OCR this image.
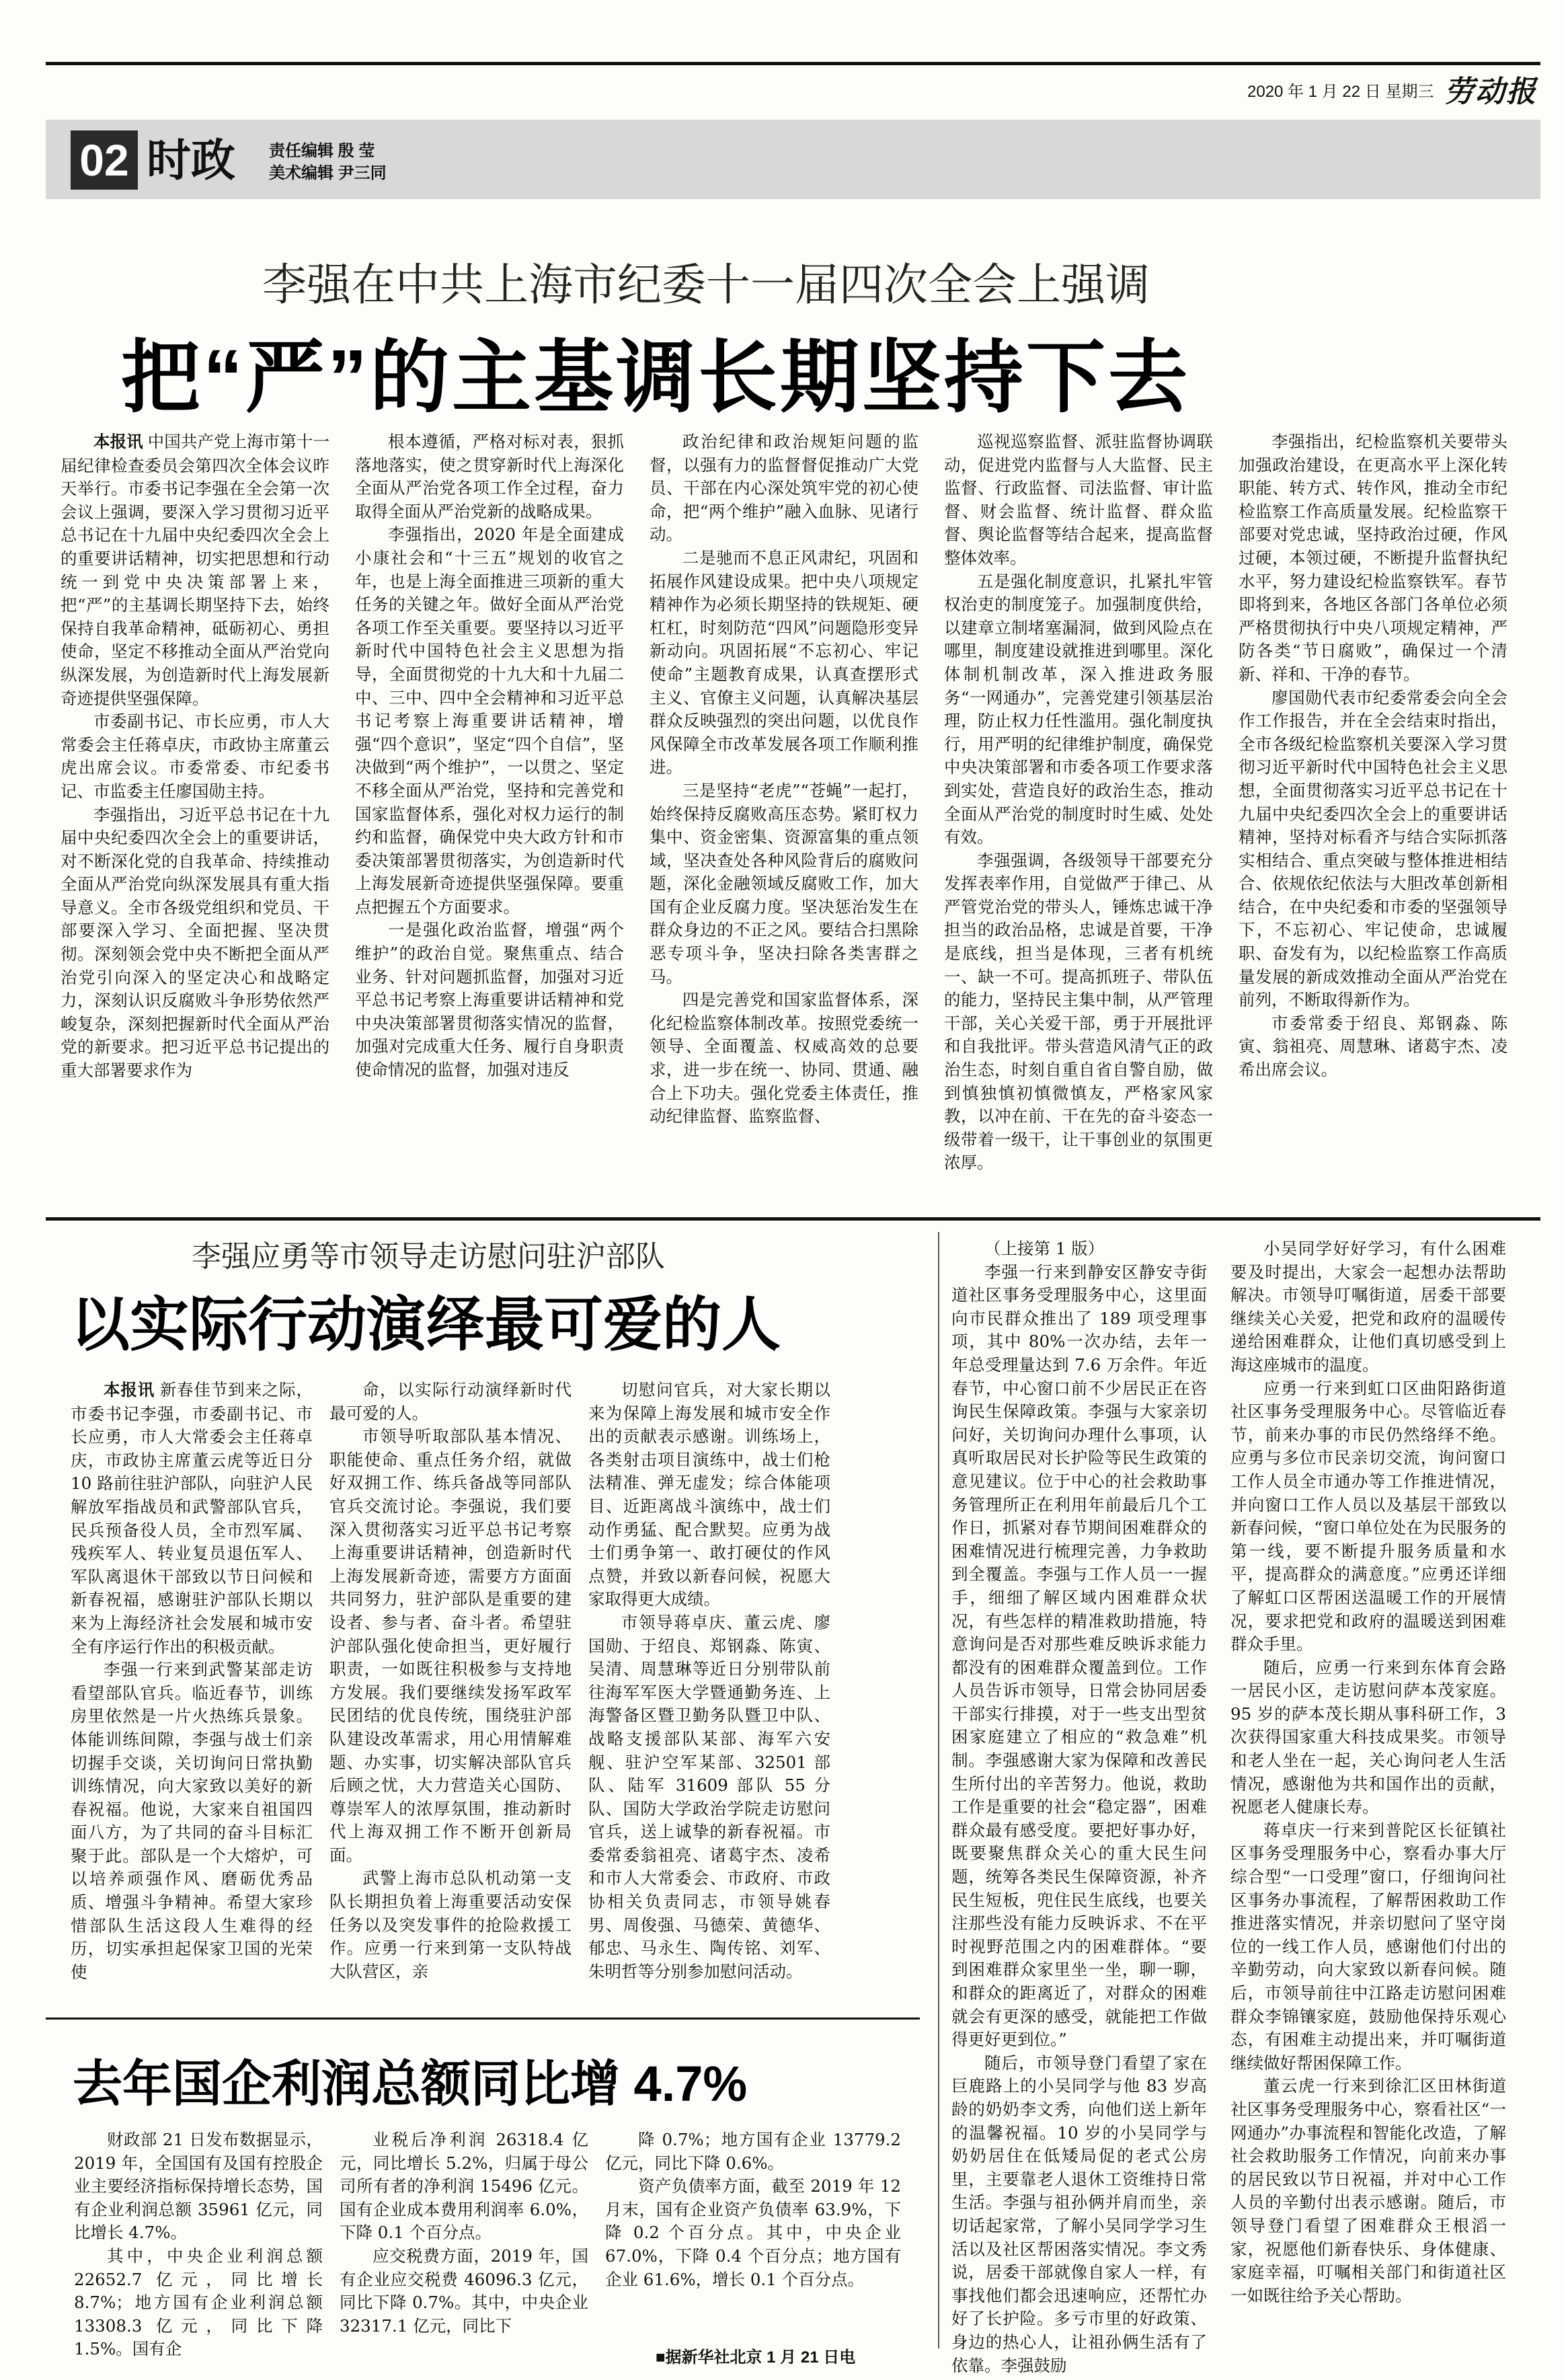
2020 年 1 月 22 日 星期三 劳动报
02 时政 责任编辑 殷 莹
美术编辑 尹三同
李强在中共上海市纪委十一届四次全会上强调
把“严”的主基调长期坚持下去

本报讯 中国共产党上海市第十一届纪律检查委员会第四次全体会议昨天举行。市委书记李强在全会第一次会议上强调，要深入学习贯彻习近平总书记在十九届中央纪委四次全会上的重要讲话精神，切实把思想和行动统一到党中央决策部署上来，把“严”的主基调长期坚持下去，始终保持自我革命精神，砥砺初心、勇担使命，坚定不移推动全面从严治党向纵深发展，为创造新时代上海发展新奇迹提供坚强保障。

市委副书记、市长应勇，市人大常委会主任蒋卓庆，市政协主席董云虎出席会议。市委常委、市纪委书记、市监委主任廖国勋主持。

李强指出，习近平总书记在十九届中央纪委四次全会上的重要讲话，对不断深化党的自我革命、持续推动全面从严治党向纵深发展具有重大指导意义。全市各级党组织和党员、干部要深入学习、全面把握、坚决贯彻。深刻领会党中央不断把全面从严治党引向深入的坚定决心和战略定力，深刻认识反腐败斗争形势依然严峻复杂，深刻把握新时代全面从严治党的新要求。把习近平总书记提出的重大部署要求作为

根本遵循，严格对标对表，狠抓落地落实，使之贯穿新时代上海深化全面从严治党各项工作全过程，奋力取得全面从严治党新的战略成果。

李强指出，2020 年是全面建成小康社会和“十三五”规划的收官之年，也是上海全面推进三项新的重大任务的关键之年。做好全面从严治党各项工作至关重要。要坚持以习近平新时代中国特色社会主义思想为指导，全面贯彻党的十九大和十九届二中、三中、四中全会精神和习近平总书记考察上海重要讲话精神，增强“四个意识”，坚定“四个自信”，坚决做到“两个维护”，一以贯之、坚定不移全面从严治党，坚持和完善党和国家监督体系，强化对权力运行的制约和监督，确保党中央大政方针和市委决策部署贯彻落实，为创造新时代上海发展新奇迹提供坚强保障。要重点把握五个方面要求。

一是强化政治监督，增强“两个维护”的政治自觉。聚焦重点、结合业务、针对问题抓监督，加强对习近平总书记考察上海重要讲话精神和党中央决策部署贯彻落实情况的监督，加强对完成重大任务、履行自身职责使命情况的监督，加强对违反

政治纪律和政治规矩问题的监督，以强有力的监督督促推动广大党员、干部在内心深处筑牢党的初心使命，把“两个维护”融入血脉、见诸行动。

二是驰而不息正风肃纪，巩固和拓展作风建设成果。把中央八项规定精神作为必须长期坚持的铁规矩、硬杠杠，时刻防范“四风”问题隐形变异新动向。巩固拓展“不忘初心、牢记使命”主题教育成果，认真查摆形式主义、官僚主义问题，认真解决基层群众反映强烈的突出问题，以优良作风保障全市改革发展各项工作顺利推进。

三是坚持“老虎”“苍蝇”一起打，始终保持反腐败高压态势。紧盯权力集中、资金密集、资源富集的重点领域，坚决查处各种风险背后的腐败问题，深化金融领域反腐败工作，加大国有企业反腐力度。坚决惩治发生在群众身边的不正之风。要结合扫黑除恶专项斗争，坚决扫除各类害群之马。

四是完善党和国家监督体系，深化纪检监察体制改革。按照党委统一领导、全面覆盖、权威高效的总要求，进一步在统一、协同、贯通、融合上下功夫。强化党委主体责任，推动纪律监督、监察监督、

巡视巡察监督、派驻监督协调联动，促进党内监督与人大监督、民主监督、行政监督、司法监督、审计监督、财会监督、统计监督、群众监督、舆论监督等结合起来，提高监督整体效率。

五是强化制度意识，扎紧扎牢管权治吏的制度笼子。加强制度供给，以建章立制堵塞漏洞，做到风险点在哪里，制度建设就推进到哪里。深化体制机制改革，深入推进政务服务“一网通办”，完善党建引领基层治理，防止权力任性滥用。强化制度执行，用严明的纪律维护制度，确保党中央决策部署和市委各项工作要求落到实处，营造良好的政治生态，推动全面从严治党的制度时时生威、处处有效。

李强强调，各级领导干部要充分发挥表率作用，自觉做严于律己、从严管党治党的带头人，锤炼忠诚干净担当的政治品格，忠诚是首要，干净是底线，担当是体现，三者有机统一、缺一不可。提高抓班子、带队伍的能力，坚持民主集中制，从严管理干部，关心关爱干部，勇于开展批评和自我批评。带头营造风清气正的政治生态，时刻自重自省自警自励，做到慎独慎初慎微慎友，严格家风家教，以冲在前、干在先的奋斗姿态一级带着一级干，让干事创业的氛围更浓厚。

李强指出，纪检监察机关要带头加强政治建设，在更高水平上深化转职能、转方式、转作风，推动全市纪检监察工作高质量发展。纪检监察干部要对党忠诚，坚持政治过硬，作风过硬，本领过硬，不断提升监督执纪水平，努力建设纪检监察铁军。春节即将到来，各地区各部门各单位必须严格贯彻执行中央八项规定精神，严防各类“节日腐败”，确保过一个清新、祥和、干净的春节。

廖国勋代表市纪委常委会向全会作工作报告，并在全会结束时指出，全市各级纪检监察机关要深入学习贯彻习近平新时代中国特色社会主义思想，全面贯彻落实习近平总书记在十九届中央纪委四次全会上的重要讲话精神，坚持对标看齐与结合实际抓落实相结合、重点突破与整体推进相结合、依规依纪依法与大胆改革创新相结合，在中央纪委和市委的坚强领导下，不忘初心、牢记使命，忠诚履职、奋发有为，以纪检监察工作高质量发展的新成效推动全面从严治党在前列，不断取得新作为。

市委常委于绍良、郑钢淼、陈寅、翁祖亮、周慧琳、诸葛宇杰、凌希出席会议。

李强应勇等市领导走访慰问驻沪部队
以实际行动演绎最可爱的人

本报讯 新春佳节到来之际，市委书记李强，市委副书记、市长应勇，市人大常委会主任蒋卓庆，市政协主席董云虎等近日分 10 路前往驻沪部队，向驻沪人民解放军指战员和武警部队官兵，民兵预备役人员，全市烈军属、残疾军人、转业复员退伍军人、军队离退休干部致以节日问候和新春祝福，感谢驻沪部队长期以来为上海经济社会发展和城市安全有序运行作出的积极贡献。

李强一行来到武警某部走访看望部队官兵。临近春节，训练房里依然是一片火热练兵景象。体能训练间隙，李强与战士们亲切握手交谈，关切询问日常执勤训练情况，向大家致以美好的新春祝福。他说，大家来自祖国四面八方，为了共同的奋斗目标汇聚于此。部队是一个大熔炉，可以培养顽强作风、磨砺优秀品质、增强斗争精神。希望大家珍惜部队生活这段人生难得的经历，切实承担起保家卫国的光荣使

命，以实际行动演绎新时代最可爱的人。

市领导听取部队基本情况、职能使命、重点任务介绍，就做好双拥工作、练兵备战等同部队官兵交流讨论。李强说，我们要深入贯彻落实习近平总书记考察上海重要讲话精神，创造新时代上海发展新奇迹，需要方方面面共同努力，驻沪部队是重要的建设者、参与者、奋斗者。希望驻沪部队强化使命担当，更好履行职责，一如既往积极参与支持地方发展。我们要继续发扬军政军民团结的优良传统，围绕驻沪部队建设改革需求，用心用情解难题、办实事，切实解决部队官兵后顾之忧，大力营造关心国防、尊崇军人的浓厚氛围，推动新时代上海双拥工作不断开创新局面。

武警上海市总队机动第一支队长期担负着上海重要活动安保任务以及突发事件的抢险救援工作。应勇一行来到第一支队特战大队营区，亲

切慰问官兵，对大家长期以来为保障上海发展和城市安全作出的贡献表示感谢。训练场上，各类射击项目演练中，战士们枪法精准、弹无虚发；综合体能项目、近距离战斗演练中，战士们动作勇猛、配合默契。应勇为战士们勇争第一、敢打硬仗的作风点赞，并致以新春问候，祝愿大家取得更大成绩。

市领导蒋卓庆、董云虎、廖国勋、于绍良、郑钢淼、陈寅、吴清、周慧琳等近日分别带队前往海军军医大学暨通勤务连、上海警备区暨卫勤务队暨卫中队、战略支援部队某部、海军六安舰、驻沪空军某部、32501 部队、陆军 31609 部队 55 分队、国防大学政治学院走访慰问官兵，送上诚挚的新春祝福。市委常委翁祖亮、诸葛宇杰、凌希和市人大常委会、市政府、市政协相关负责同志，市领导姚春男、周俊强、马德荣、黄德华、郁忠、马永生、陶传铭、刘军、朱明哲等分别参加慰问活动。

（上接第 1 版）

李强一行来到静安区静安寺街道社区事务受理服务中心，这里面向市民群众推出了 189 项受理事项，其中 80%一次办结，去年一年总受理量达到 7.6 万余件。年近春节，中心窗口前不少居民正在咨询民生保障政策。李强与大家亲切问好，关切询问办理什么事项，认真听取居民对长护险等民生政策的意见建议。位于中心的社会救助事务管理所正在利用年前最后几个工作日，抓紧对春节期间困难群众的困难情况进行梳理完善，力争救助到全覆盖。李强与工作人员一一握手，细细了解区域内困难群众状况，有些怎样的精准救助措施，特意询问是否对那些难反映诉求能力都没有的困难群众覆盖到位。工作人员告诉市领导，日常会协同居委干部实行排摸，对于一些支出型贫困家庭建立了相应的“救急难”机制。李强感谢大家为保障和改善民生所付出的辛苦努力。他说，救助工作是重要的社会“稳定器”，困难群众最有感受度。要把好事办好，既要聚焦群众关心的重大民生问题，统筹各类民生保障资源，补齐民生短板，兜住民生底线，也要关注那些没有能力反映诉求、不在平时视野范围之内的困难群体。“要到困难群众家里坐一坐，聊一聊，和群众的距离近了，对群众的困难就会有更深的感受，就能把工作做得更好更到位。”

随后，市领导登门看望了家在巨鹿路上的小吴同学与他 83 岁高龄的奶奶李文秀，向他们送上新年的温馨祝福。10 岁的小吴同学与奶奶居住在低矮局促的老式公房里，主要靠老人退休工资维持日常生活。李强与祖孙俩并肩而坐，亲切话起家常，了解小吴同学学习生活以及社区帮困落实情况。李文秀说，居委干部就像自家人一样，有事找他们都会迅速响应，还帮忙办好了长护险。多亏市里的好政策、身边的热心人，让祖孙俩生活有了依靠。李强鼓励

小吴同学好好学习，有什么困难要及时提出，大家会一起想办法帮助解决。市领导叮嘱街道，居委干部要继续关心关爱，把党和政府的温暖传递给困难群众，让他们真切感受到上海这座城市的温度。

应勇一行来到虹口区曲阳路街道社区事务受理服务中心。尽管临近春节，前来办事的市民仍然络绎不绝。应勇与多位市民亲切交流，询问窗口工作人员全市通办等工作推进情况，并向窗口工作人员以及基层干部致以新春问候，“窗口单位处在为民服务的第一线，要不断提升服务质量和水平，提高群众的满意度。”应勇还详细了解虹口区帮困送温暖工作的开展情况，要求把党和政府的温暖送到困难群众手里。

随后，应勇一行来到东体育会路一居民小区，走访慰问萨本茂家庭。95 岁的萨本茂长期从事科研工作，3 次获得国家重大科技成果奖。市领导和老人坐在一起，关心询问老人生活情况，感谢他为共和国作出的贡献，祝愿老人健康长寿。

蒋卓庆一行来到普陀区长征镇社区事务受理服务中心，察看办事大厅综合型“一口受理”窗口，仔细询问社区事务办事流程，了解帮困救助工作推进落实情况，并亲切慰问了坚守岗位的一线工作人员，感谢他们付出的辛勤劳动，向大家致以新春问候。随后，市领导前往中江路走访慰问困难群众李锦镶家庭，鼓励他保持乐观心态，有困难主动提出来，并叮嘱街道继续做好帮困保障工作。

董云虎一行来到徐汇区田林街道社区事务受理服务中心，察看社区“一网通办”办事流程和智能化改造，了解社会救助服务工作情况，向前来办事的居民致以节日祝福，并对中心工作人员的辛勤付出表示感谢。随后，市领导登门看望了困难群众王根滔一家，祝愿他们新春快乐、身体健康、家庭幸福，叮嘱相关部门和街道社区一如既往给予关心帮助。

去年国企利润总额同比增 4.7%

财政部 21 日发布数据显示，2019 年，全国国有及国有控股企业主要经济指标保持增长态势，国有企业利润总额 35961 亿元，同比增长 4.7%。

其中，中央企业利润总额 22652.7 亿元，同比增长 8.7%；地方国有企业利润总额 13308.3 亿元，同比下降 1.5%。国有企

业税后净利润 26318.4 亿元，同比增长 5.2%，归属于母公司所有者的净利润 15496 亿元。国有企业成本费用利润率 6.0%，下降 0.1 个百分点。

应交税费方面，2019 年，国有企业应交税费 46096.3 亿元，同比下降 0.7%。其中，中央企业 32317.1 亿元，同比下

降 0.7%；地方国有企业 13779.2 亿元，同比下降 0.6%。

资产负债率方面，截至 2019 年 12 月末，国有企业资产负债率 63.9%，下降 0.2 个百分点。其中，中央企业 67.0%，下降 0.4 个百分点；地方国有企业 61.6%，增长 0.1 个百分点。

■据新华社北京 1 月 21 日电
